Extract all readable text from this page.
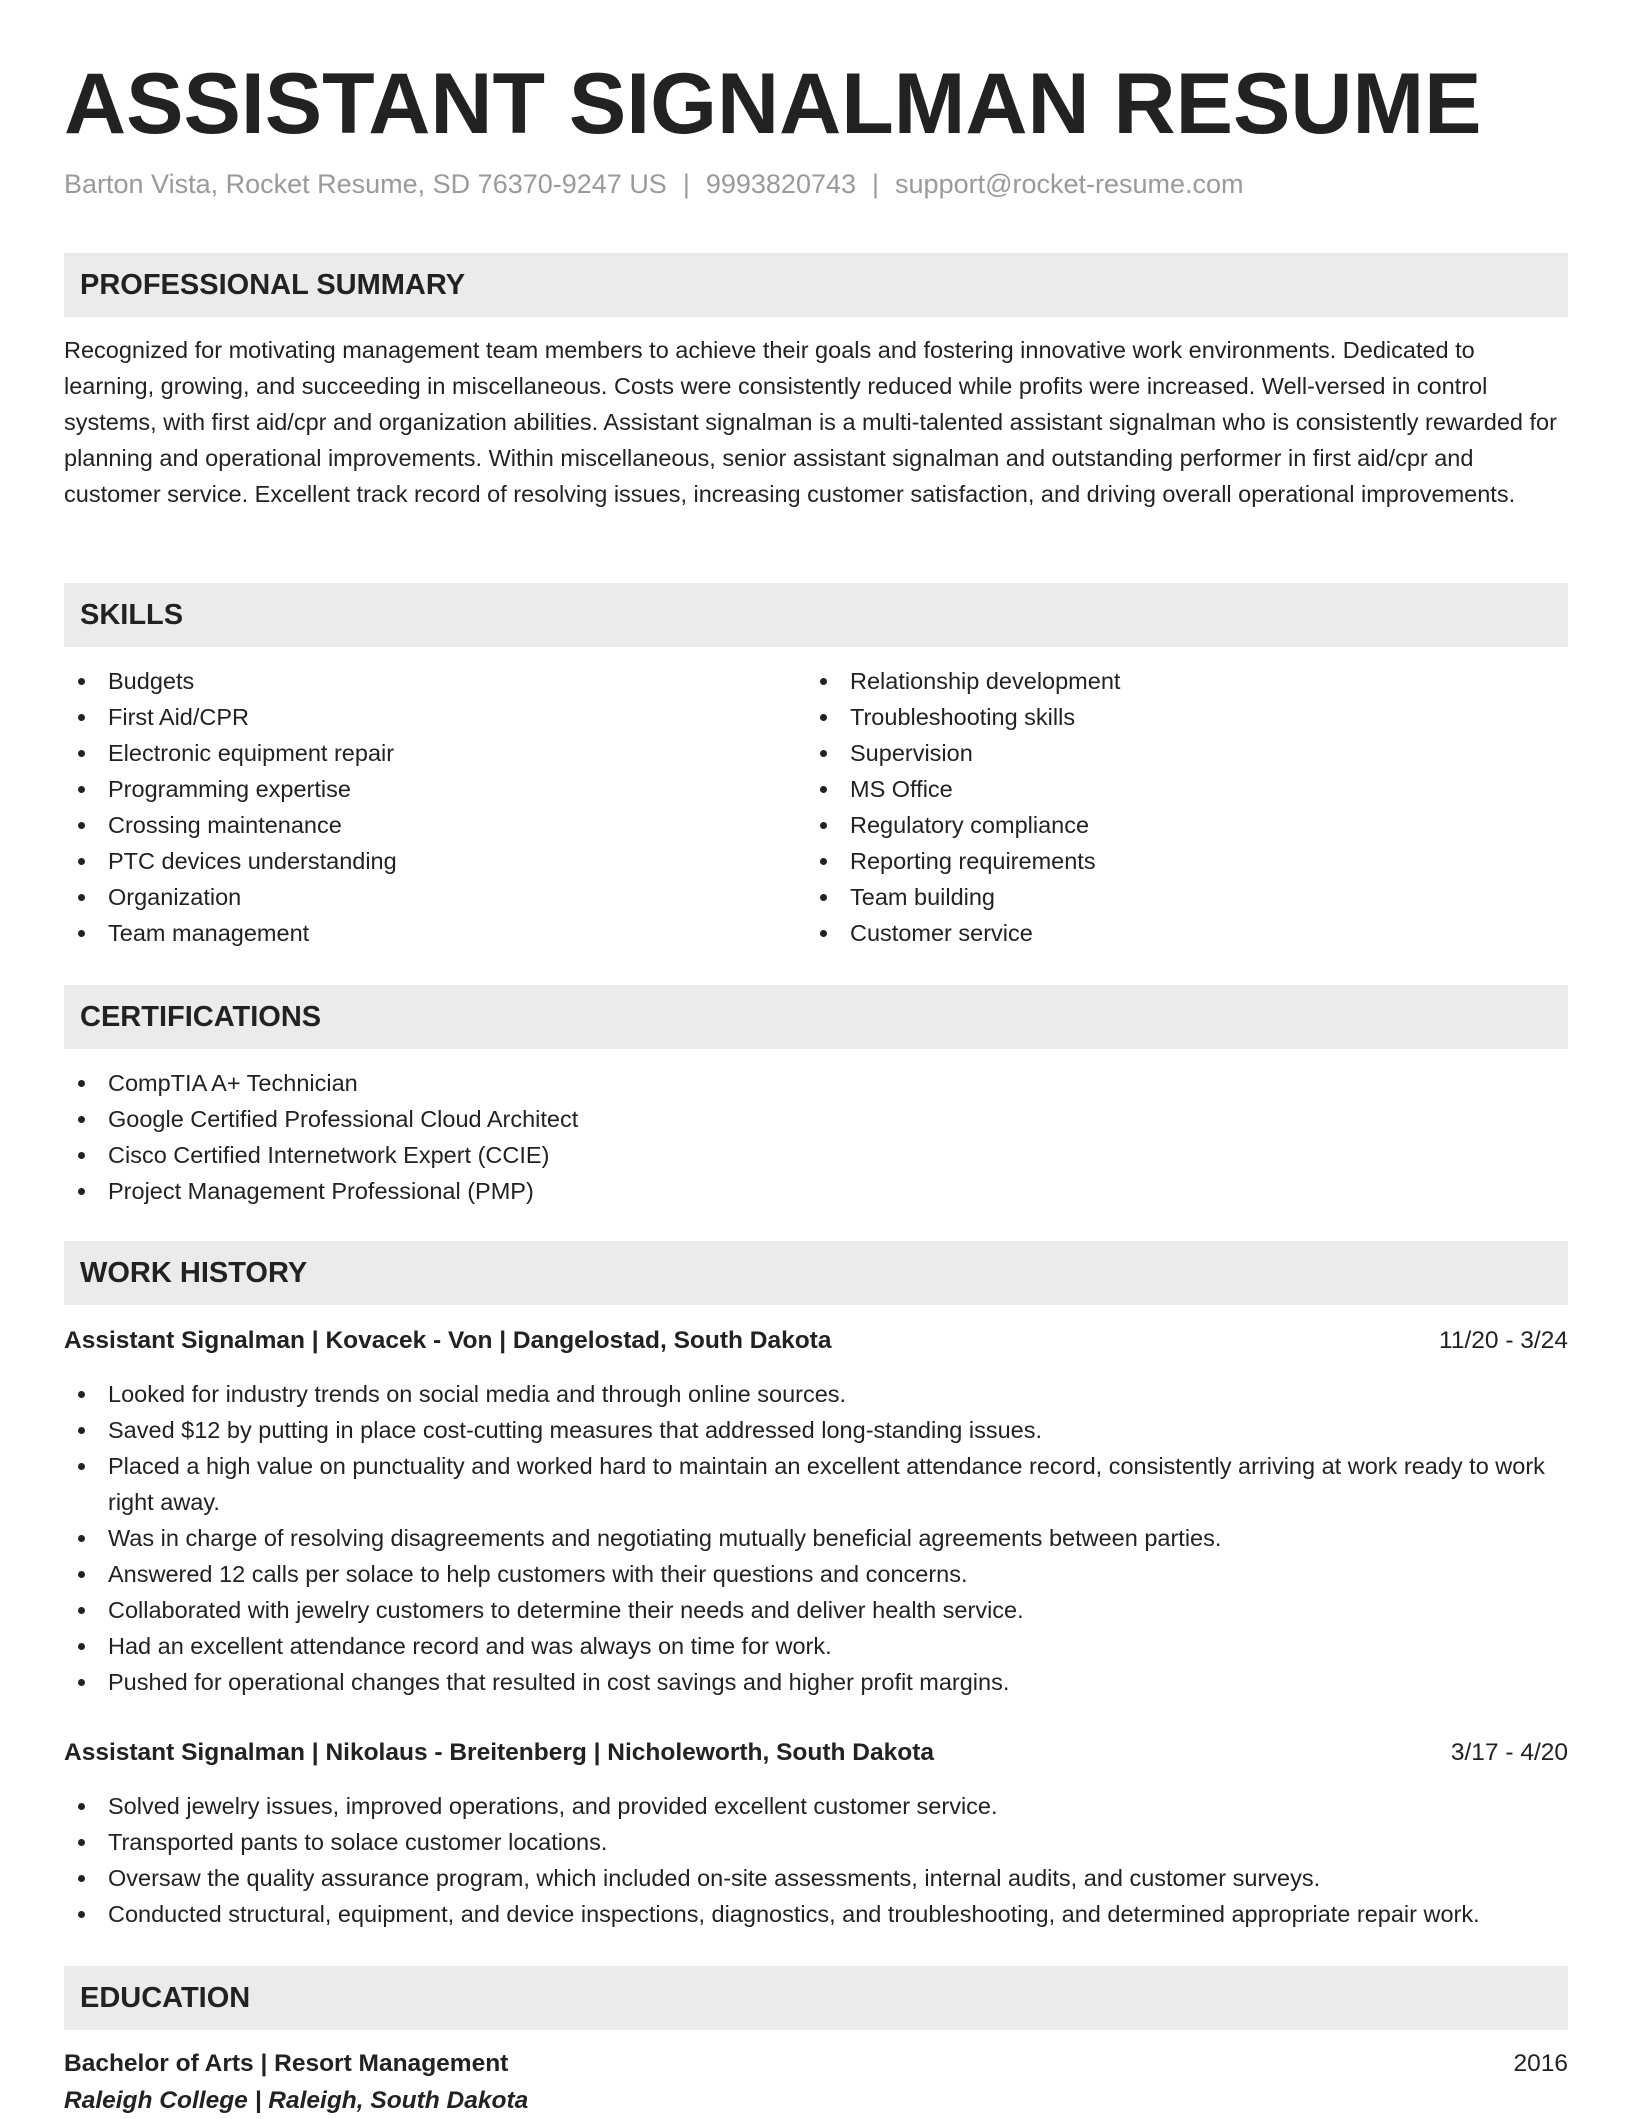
ASSISTANT SIGNALMAN RESUME
Barton Vista, Rocket Resume, SD 76370-9247 US | 9993820743 | support@rocket-resume.com
PROFESSIONAL SUMMARY

Recognized for motivating management team members to achieve their goals and fostering innovative work environments. Dedicated to learning, growing, and succeeding in miscellaneous. Costs were consistently reduced while profits were increased. Well-versed in control systems, with first aid/cpr and organization abilities. Assistant signalman is a multi-talented assistant signalman who is consistently rewarded for planning and operational improvements. Within miscellaneous, senior assistant signalman and outstanding performer in first aid/cpr and customer service. Excellent track record of resolving issues, increasing customer satisfaction, and driving overall operational improvements.

SKILLS
Budgets
First Aid/CPR
Electronic equipment repair
Programming expertise
Crossing maintenance
PTC devices understanding
Organization
Team management
Relationship development
Troubleshooting skills
Supervision
MS Office
Regulatory compliance
Reporting requirements
Team building
Customer service
CERTIFICATIONS
CompTIA A+ Technician
Google Certified Professional Cloud Architect
Cisco Certified Internetwork Expert (CCIE)
Project Management Professional (PMP)
WORK HISTORY
Assistant Signalman | Kovacek - Von | Dangelostad, South Dakota	11/20 - 3/24
Looked for industry trends on social media and through online sources.
Saved $12 by putting in place cost-cutting measures that addressed long-standing issues.
Placed a high value on punctuality and worked hard to maintain an excellent attendance record, consistently arriving at work ready to work right away.
Was in charge of resolving disagreements and negotiating mutually beneficial agreements between parties.
Answered 12 calls per solace to help customers with their questions and concerns.
Collaborated with jewelry customers to determine their needs and deliver health service.
Had an excellent attendance record and was always on time for work.
Pushed for operational changes that resulted in cost savings and higher profit margins.
Assistant Signalman | Nikolaus - Breitenberg | Nicholeworth, South Dakota	3/17 - 4/20
Solved jewelry issues, improved operations, and provided excellent customer service.
Transported pants to solace customer locations.
Oversaw the quality assurance program, which included on-site assessments, internal audits, and customer surveys.
Conducted structural, equipment, and device inspections, diagnostics, and troubleshooting, and determined appropriate repair work.
EDUCATION
Bachelor of Arts | Resort Management	2016
Raleigh College | Raleigh, South Dakota
